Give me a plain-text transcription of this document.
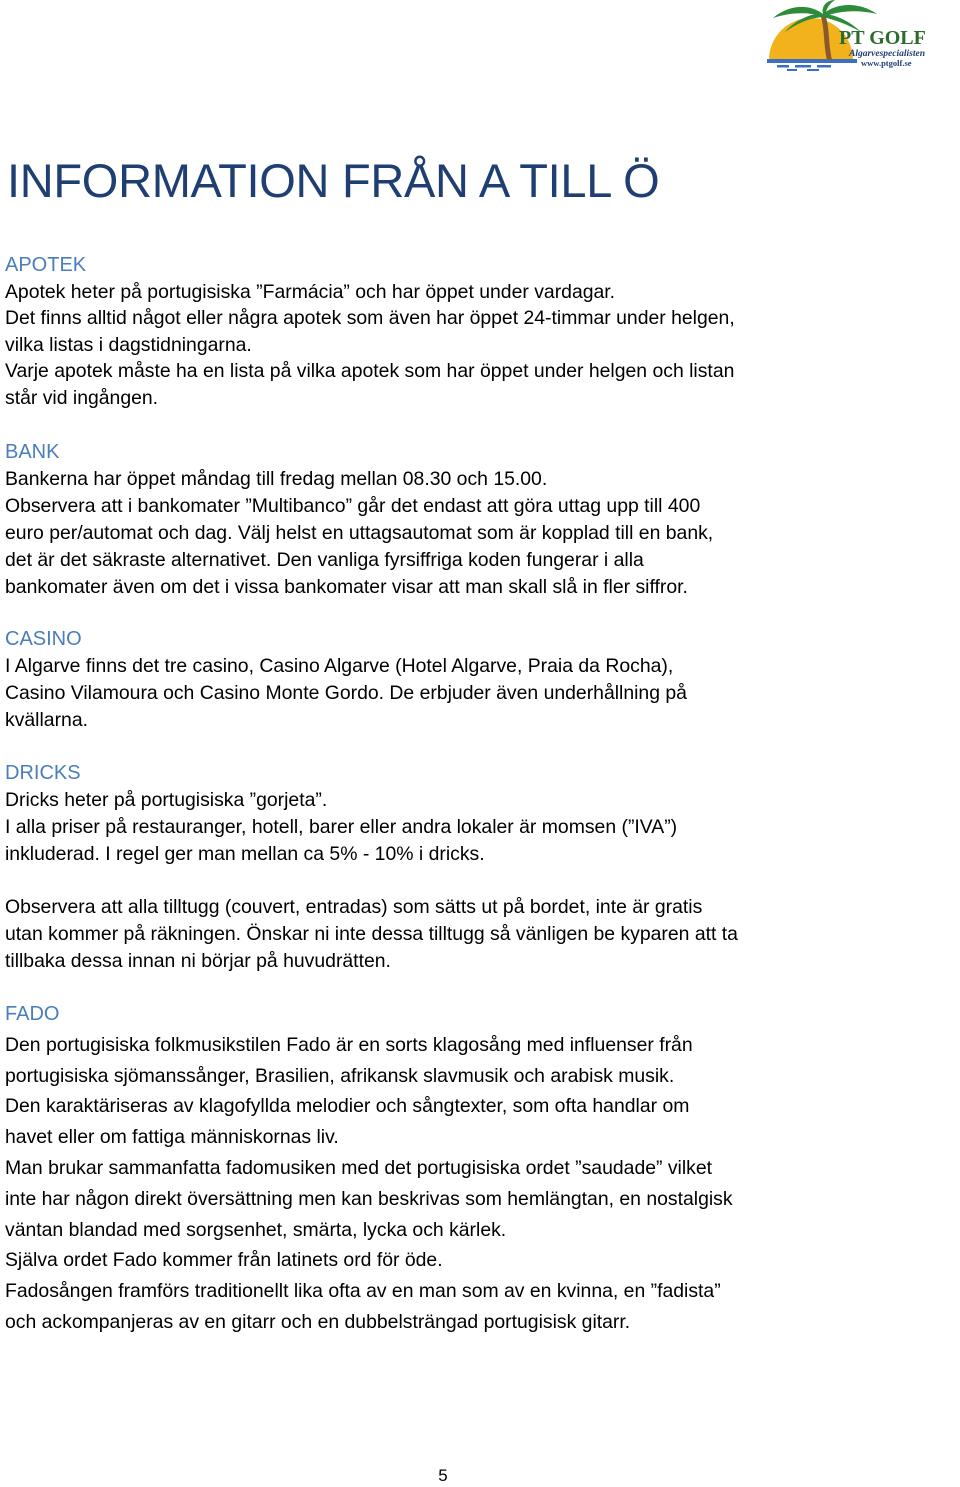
PT GOLF
Algarvespecialisten
www.ptgolf.se
INFORMATION FRÅN A TILL Ö
APOTEK
Apotek heter på portugisiska ”Farmácia” och har öppet under vardagar.
Det finns alltid något eller några apotek som även har öppet 24-timmar under helgen,
vilka listas i dagstidningarna.
Varje apotek måste ha en lista på vilka apotek som har öppet under helgen och listan
står vid ingången.
BANK
Bankerna har öppet måndag till fredag mellan 08.30 och 15.00.
Observera att i bankomater ”Multibanco” går det endast att göra uttag upp till 400
euro per/automat och dag. Välj helst en uttagsautomat som är kopplad till en bank,
det är det säkraste alternativet. Den vanliga fyrsiffriga koden fungerar i alla
bankomater även om det i vissa bankomater visar att man skall slå in fler siffror.
CASINO
I Algarve finns det tre casino, Casino Algarve (Hotel Algarve, Praia da Rocha),
Casino Vilamoura och Casino Monte Gordo. De erbjuder även underhållning på
kvällarna.
DRICKS
Dricks heter på portugisiska ”gorjeta”.
I alla priser på restauranger, hotell, barer eller andra lokaler är momsen (”IVA”)
inkluderad. I regel ger man mellan ca 5% - 10% i dricks.
Observera att alla tilltugg (couvert, entradas) som sätts ut på bordet, inte är gratis
utan kommer på räkningen. Önskar ni inte dessa tilltugg så vänligen be kyparen att ta
tillbaka dessa innan ni börjar på huvudrätten.
FADO
Den portugisiska folkmusikstilen Fado är en sorts klagosång med influenser från
portugisiska sjömanssånger, Brasilien, afrikansk slavmusik och arabisk musik.
Den karaktäriseras av klagofyllda melodier och sångtexter, som ofta handlar om
havet eller om fattiga människornas liv.
Man brukar sammanfatta fadomusiken med det portugisiska ordet ”saudade” vilket
inte har någon direkt översättning men kan beskrivas som hemlängtan, en nostalgisk
väntan blandad med sorgsenhet, smärta, lycka och kärlek.
Själva ordet Fado kommer från latinets ord för öde.
Fadosången framförs traditionellt lika ofta av en man som av en kvinna, en ”fadista”
och ackompanjeras av en gitarr och en dubbelsträngad portugisisk gitarr.
5
